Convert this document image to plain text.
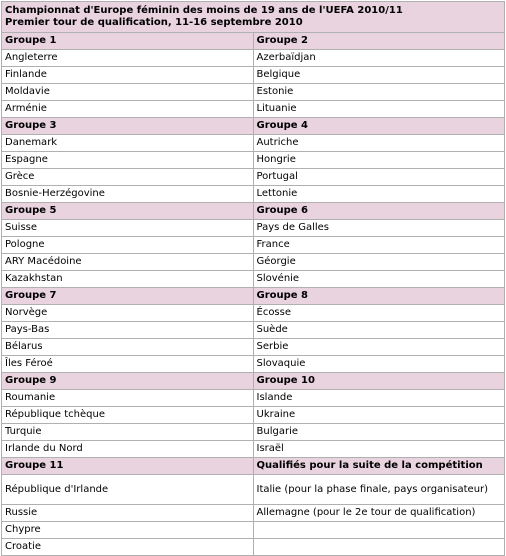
Championnat d'Europe féminin des moins de 19 ans de l'UEFA 2010/11
Premier tour de qualification, 11-16 septembre 2010	
Groupe 1	Groupe 2
Angleterre	Azerbaïdjan
Finlande	Belgique
Moldavie	Estonie
Arménie	Lituanie
Groupe 3	Groupe 4
Danemark	Autriche
Espagne	Hongrie
Grèce	Portugal
Bosnie-Herzégovine	Lettonie
Groupe 5	Groupe 6
Suisse	Pays de Galles
Pologne	France
ARY Macédoine	Géorgie
Kazakhstan	Slovénie
Groupe 7	Groupe 8
Norvège	Écosse
Pays-Bas	Suède
Bélarus	Serbie
Îles Féroé	Slovaquie
Groupe 9	Groupe 10
Roumanie	Islande
République tchèque	Ukraine
Turquie	Bulgarie
Irlande du Nord	Israël
Groupe 11	Qualifiés pour la suite de la compétition
République d'Irlande	Italie (pour la phase finale, pays organisateur)
Russie	Allemagne (pour le 2e tour de qualification)
Chypre	
Croatie	
